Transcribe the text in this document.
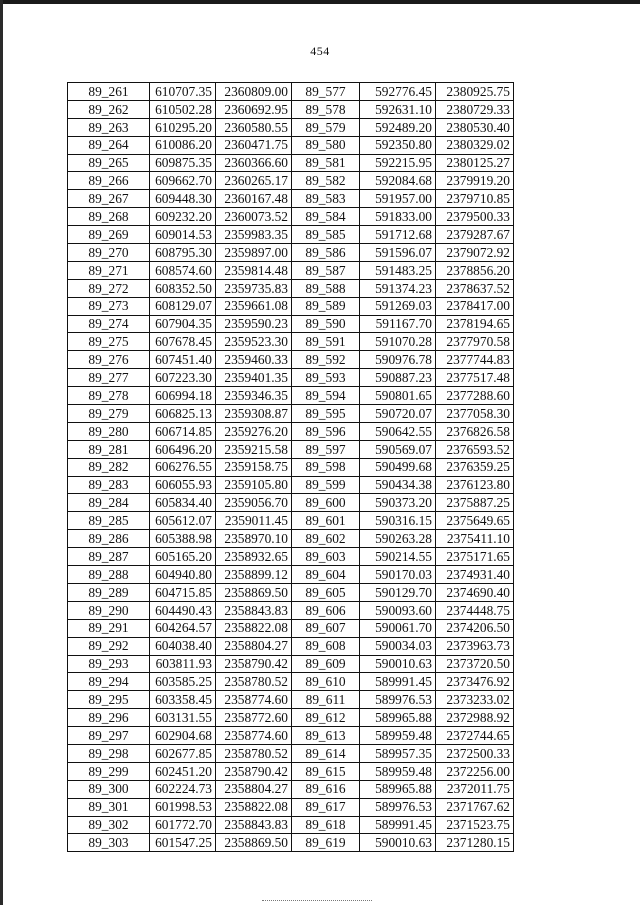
454
89_261	610707.35	2360809.00	89_577	592776.45	2380925.75
89_262	610502.28	2360692.95	89_578	592631.10	2380729.33
89_263	610295.20	2360580.55	89_579	592489.20	2380530.40
89_264	610086.20	2360471.75	89_580	592350.80	2380329.02
89_265	609875.35	2360366.60	89_581	592215.95	2380125.27
89_266	609662.70	2360265.17	89_582	592084.68	2379919.20
89_267	609448.30	2360167.48	89_583	591957.00	2379710.85
89_268	609232.20	2360073.52	89_584	591833.00	2379500.33
89_269	609014.53	2359983.35	89_585	591712.68	2379287.67
89_270	608795.30	2359897.00	89_586	591596.07	2379072.92
89_271	608574.60	2359814.48	89_587	591483.25	2378856.20
89_272	608352.50	2359735.83	89_588	591374.23	2378637.52
89_273	608129.07	2359661.08	89_589	591269.03	2378417.00
89_274	607904.35	2359590.23	89_590	591167.70	2378194.65
89_275	607678.45	2359523.30	89_591	591070.28	2377970.58
89_276	607451.40	2359460.33	89_592	590976.78	2377744.83
89_277	607223.30	2359401.35	89_593	590887.23	2377517.48
89_278	606994.18	2359346.35	89_594	590801.65	2377288.60
89_279	606825.13	2359308.87	89_595	590720.07	2377058.30
89_280	606714.85	2359276.20	89_596	590642.55	2376826.58
89_281	606496.20	2359215.58	89_597	590569.07	2376593.52
89_282	606276.55	2359158.75	89_598	590499.68	2376359.25
89_283	606055.93	2359105.80	89_599	590434.38	2376123.80
89_284	605834.40	2359056.70	89_600	590373.20	2375887.25
89_285	605612.07	2359011.45	89_601	590316.15	2375649.65
89_286	605388.98	2358970.10	89_602	590263.28	2375411.10
89_287	605165.20	2358932.65	89_603	590214.55	2375171.65
89_288	604940.80	2358899.12	89_604	590170.03	2374931.40
89_289	604715.85	2358869.50	89_605	590129.70	2374690.40
89_290	604490.43	2358843.83	89_606	590093.60	2374448.75
89_291	604264.57	2358822.08	89_607	590061.70	2374206.50
89_292	604038.40	2358804.27	89_608	590034.03	2373963.73
89_293	603811.93	2358790.42	89_609	590010.63	2373720.50
89_294	603585.25	2358780.52	89_610	589991.45	2373476.92
89_295	603358.45	2358774.60	89_611	589976.53	2373233.02
89_296	603131.55	2358772.60	89_612	589965.88	2372988.92
89_297	602904.68	2358774.60	89_613	589959.48	2372744.65
89_298	602677.85	2358780.52	89_614	589957.35	2372500.33
89_299	602451.20	2358790.42	89_615	589959.48	2372256.00
89_300	602224.73	2358804.27	89_616	589965.88	2372011.75
89_301	601998.53	2358822.08	89_617	589976.53	2371767.62
89_302	601772.70	2358843.83	89_618	589991.45	2371523.75
89_303	601547.25	2358869.50	89_619	590010.63	2371280.15
